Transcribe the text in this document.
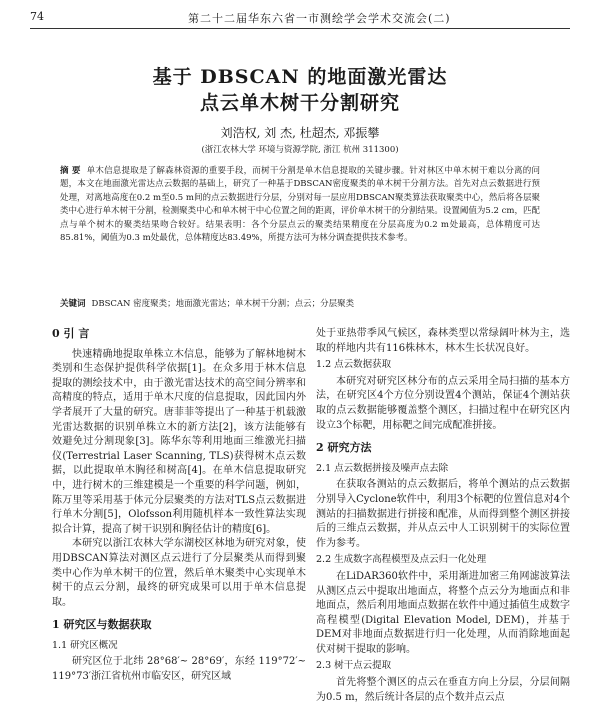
74	第二十二届华东六省一市测绘学会学术交流会(二)
基于 DBSCAN 的地面激光雷达
点云单木树干分割研究
刘浩权, 刘 杰, 杜超杰, 邓振攀
(浙江农林大学 环境与资源学院, 浙江 杭州 311300)
摘 要 单木信息提取是了解森林资源的重要手段，而树干分割是单木信息提取的关键步骤。针对林区中单木树干难以分离的问题，本文在地面激光雷达点云数据的基础上，研究了一种基于DBSCAN密度聚类的单木树干分割方法。首先对点云数据进行预处理，对离地高度在0.2 m至0.5 m间的点云数据进行分层，分别对每一层应用DBSCAN聚类算法获取聚类中心，然后将各层聚类中心进行单木树干分割，检测聚类中心和单木树干中心位置之间的距离，评价单木树干的分割结果。设置阈值为5.2 cm，匹配点与单个树木的聚类结果吻合较好。结果表明：各个分层点云的聚类结果精度在分层高度为0.2 m处最高，总体精度可达85.81%，阈值为0.3 m处最优，总体精度达83.49%，所提方法可为林分调查提供技术参考。
关键词 DBSCAN 密度聚类；地面激光雷达；单木树干分割；点云；分层聚类
0 引 言

快速精确地提取单株立木信息，能够为了解林地树木类别和生态保护提供科学依据[1]。在众多用于林木信息提取的测绘技术中，由于激光雷达技术的高空间分辨率和高精度的特点，适用于单木尺度的信息提取，因此国内外学者展开了大量的研究。唐菲菲等提出了一种基于机载激光雷达数据的识别单株立木的新方法[2]，该方法能够有效避免过分割现象[3]。陈华东等利用地面三维激光扫描仪(Terrestrial Laser Scanning, TLS)获得树木点云数据，以此提取单木胸径和树高[4]。在单木信息提取研究中，进行树木的三维建模是一个重要的科学问题，例如，陈万里等采用基于体元分层聚类的方法对TLS点云数据进行单木分割[5]，Olofsson利用随机样本一致性算法实现拟合计算，提高了树干识别和胸径估计的精度[6]。

本研究以浙江农林大学东湖校区林地为研究对象，使用DBSCAN算法对测区点云进行了分层聚类从而得到聚类中心作为单木树干的位置，然后单木聚类中心实现单木树干的点云分割，最终的研究成果可以用于单木信息提取。

1 研究区与数据获取
1.1 研究区概况

研究区位于北纬 28°68′~ 28°69′，东经 119°72′~ 119°73′浙江省杭州市临安区，研究区域

处于亚热带季风气候区，森林类型以常绿阔叶林为主，选取的样地内共有116株林木，林木生长状况良好。

1.2 点云数据获取

本研究对研究区林分布的点云采用全局扫描的基本方法，在研究区4个方位分别设置4个测站，保证4个测站获取的点云数据能够覆盖整个测区，扫描过程中在研究区内设立3个标靶，用标靶之间完成配准拼接。

2 研究方法
2.1 点云数据拼接及噪声点去除

在获取各测站的点云数据后，将单个测站的点云数据分别导入Cyclone软件中，利用3个标靶的位置信息对4个测站的扫描数据进行拼接和配准，从而得到整个测区拼接后的三维点云数据，并从点云中人工识别树干的实际位置作为参考。

2.2 生成数字高程模型及点云归一化处理

在LiDAR360软件中，采用渐进加密三角网滤波算法从测区点云中提取出地面点，将整个点云分为地面点和非地面点，然后利用地面点数据在软件中通过插值生成数字高程模型(Digital Elevation Model, DEM)，并基于DEM对非地面点数据进行归一化处理，从而消除地面起伏对树干提取的影响。

2.3 树干点云提取

首先将整个测区的点云在垂直方向上分层，分层间隔为0.5 m，然后统计各层的点个数并点云点
